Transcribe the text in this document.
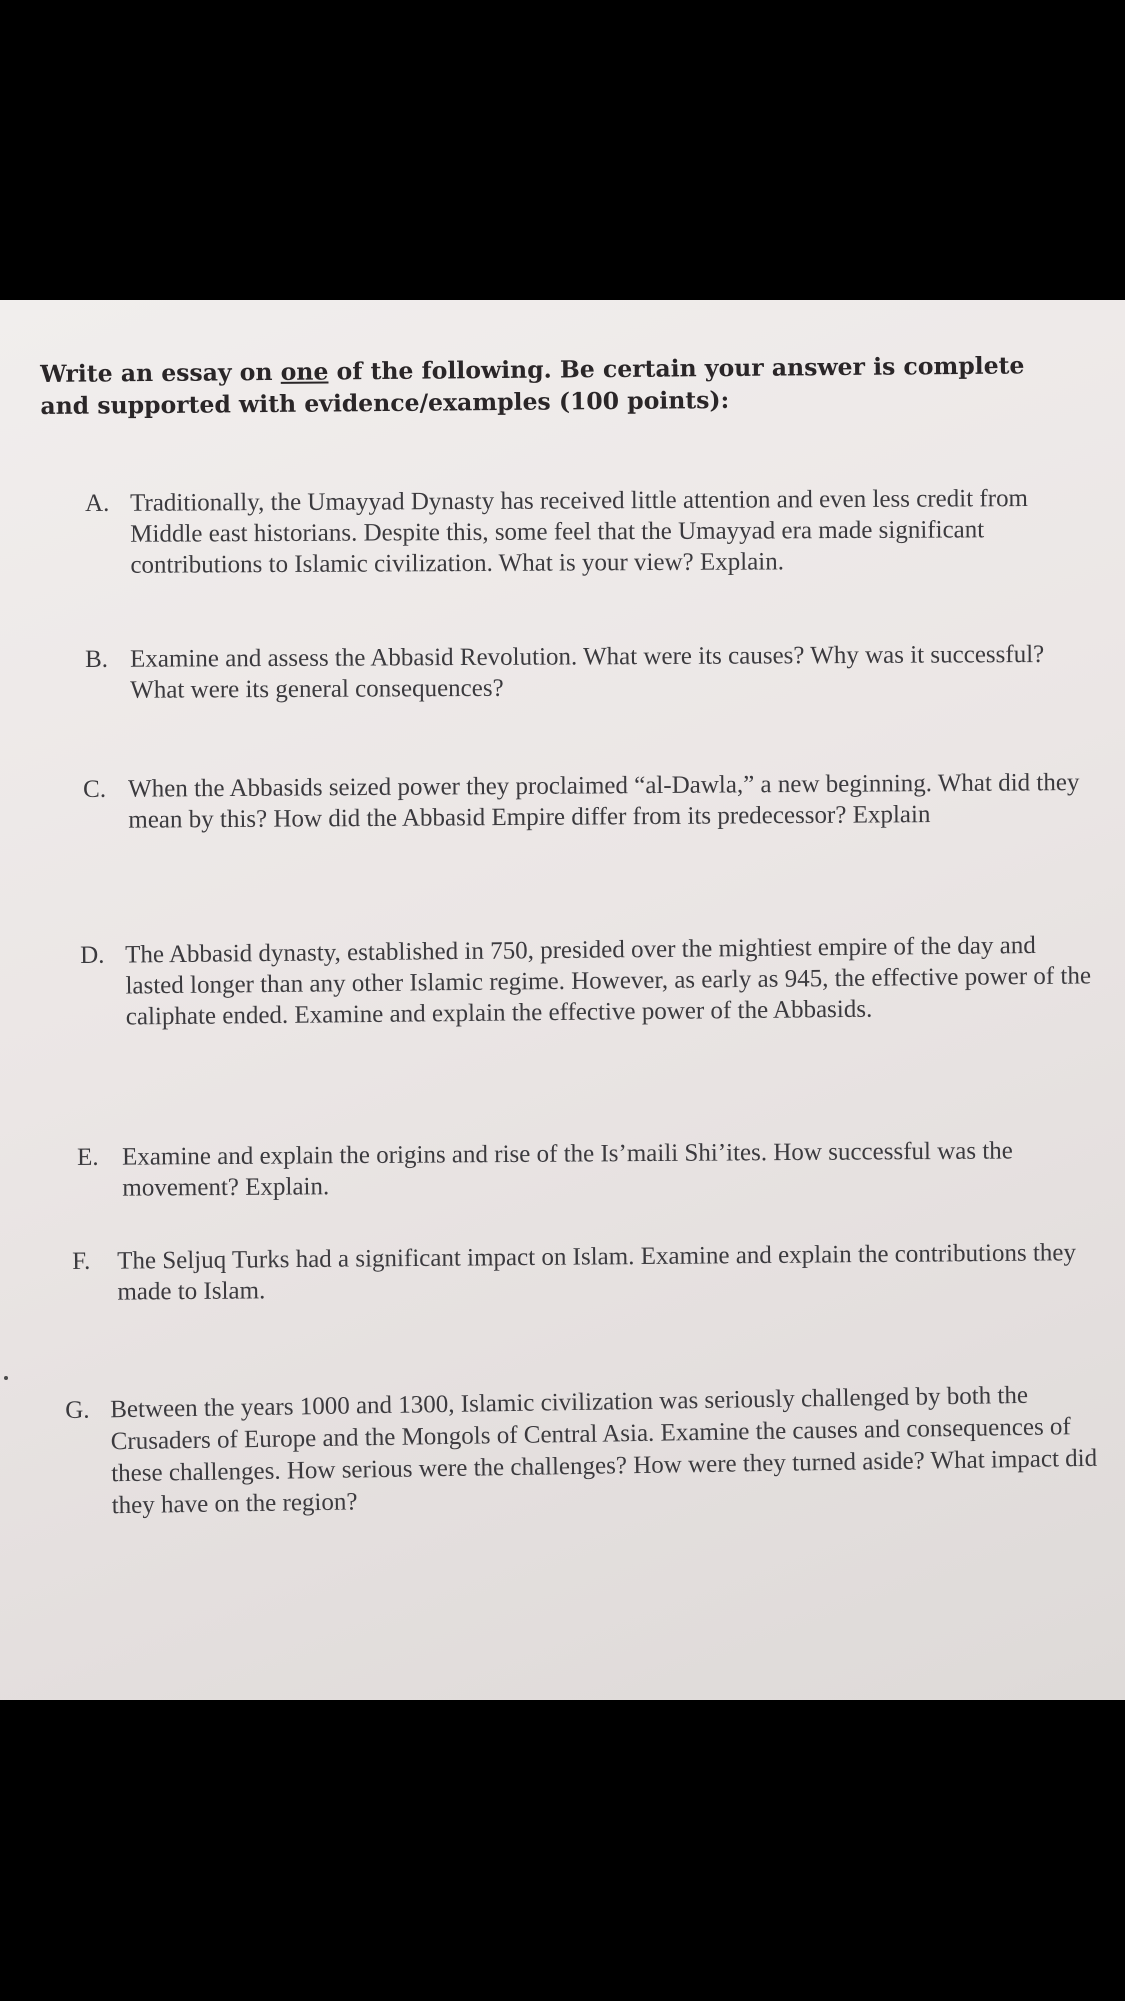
Write an essay on one of the following. Be certain your answer is complete and supported with evidence/examples (100 points):
A. Traditionally, the Umayyad Dynasty has received little attention and even less credit from Middle east historians. Despite this, some feel that the Umayyad era made significant contributions to Islamic civilization. What is your view? Explain.
B. Examine and assess the Abbasid Revolution. What were its causes? Why was it successful? What were its general consequences?
C. When the Abbasids seized power they proclaimed “al-Dawla,” a new beginning. What did they mean by this? How did the Abbasid Empire differ from its predecessor? Explain
D. The Abbasid dynasty, established in 750, presided over the mightiest empire of the day and lasted longer than any other Islamic regime. However, as early as 945, the effective power of the caliphate ended. Examine and explain the effective power of the Abbasids.
E. Examine and explain the origins and rise of the Is’maili Shi’ites. How successful was the movement? Explain.
F.	The Seljuq Turks had a significant impact on Islam. Examine and explain the contributions they made to Islam.
G. Between the years 1000 and 1300, Islamic civilization was seriously challenged by both the Crusaders of Europe and the Mongols of Central Asia. Examine the causes and consequences of these challenges. How serious were the challenges? How were they turned aside? What impact did they have on the region?
